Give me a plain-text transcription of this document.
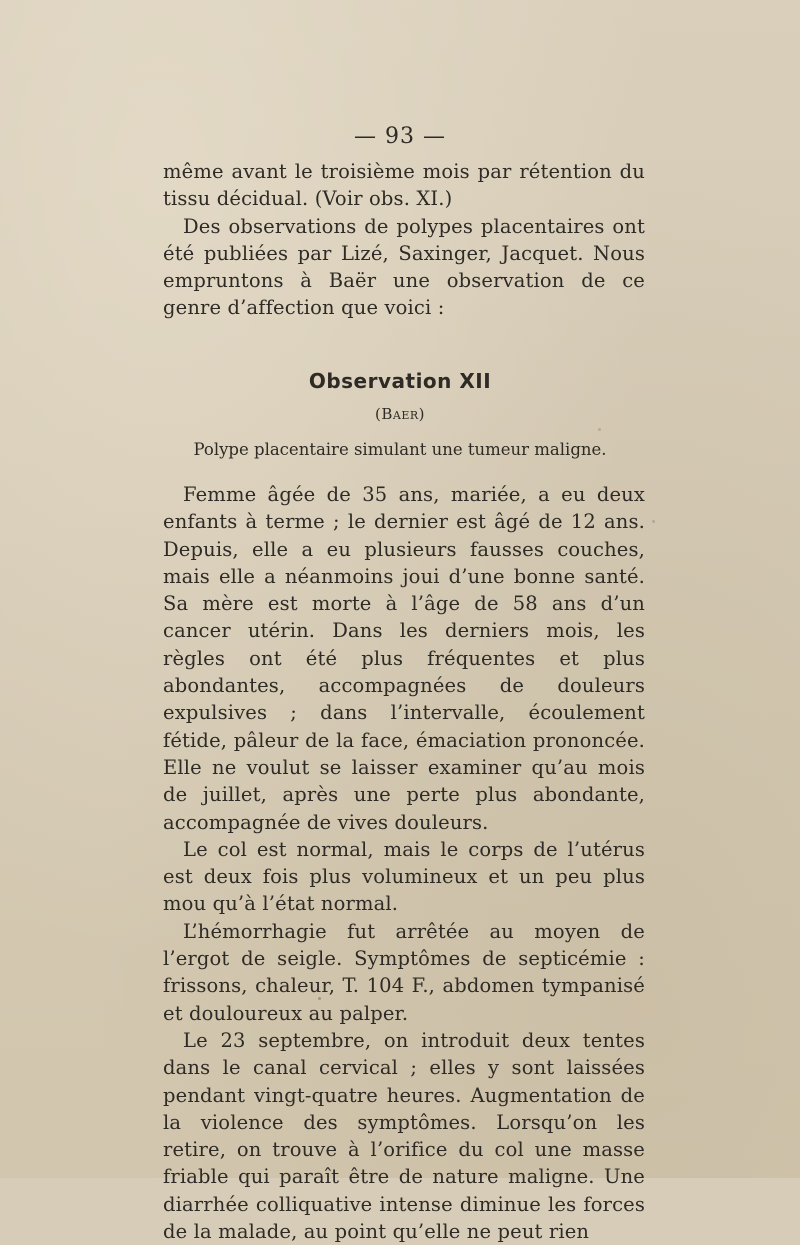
— 93 —

même avant le troisième mois par rétention du tissu décidual. (Voir obs. XI.)

Des observations de polypes placentaires ont été publiées par Lizé, Saxinger, Jacquet. Nous empruntons à Baër une observation de ce genre d’affection que voici :

Observation XII
(Baer)
Polype placentaire simulant une tumeur maligne.

Femme âgée de 35 ans, mariée, a eu deux enfants à terme ; le dernier est âgé de 12 ans. Depuis, elle a eu plusieurs fausses couches, mais elle a néanmoins joui d’une bonne santé. Sa mère est morte à l’âge de 58 ans d’un cancer utérin. Dans les derniers mois, les règles ont été plus fréquentes et plus abondantes, accompagnées de douleurs expulsives ; dans l’intervalle, écoulement fétide, pâleur de la face, émaciation prononcée. Elle ne voulut se laisser examiner qu’au mois de juillet, après une perte plus abondante, accompagnée de vives douleurs.

Le col est normal, mais le corps de l’utérus est deux fois plus volumineux et un peu plus mou qu’à l’état normal.

L’hémorrhagie fut arrêtée au moyen de l’ergot de seigle. Symptômes de septicémie : frissons, chaleur, T. 104 F., abdomen tympanisé et douloureux au palper.

Le 23 septembre, on introduit deux tentes dans le canal cervical ; elles y sont laissées pendant vingt-quatre heures. Augmentation de la violence des symptômes. Lorsqu’on les retire, on trouve à l’orifice du col une masse friable qui paraît être de nature maligne. Une diarrhée colliquative intense diminue les forces de la malade, au point qu’elle ne peut rien
